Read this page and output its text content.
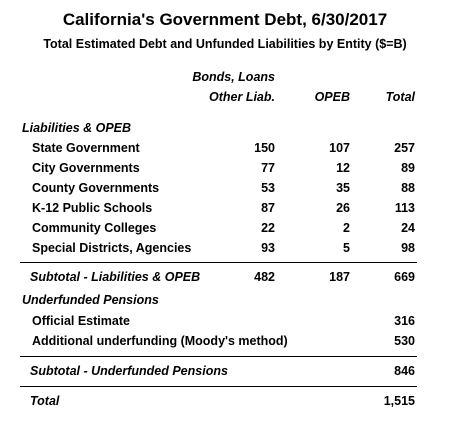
California's Government Debt, 6/30/2017
Total Estimated Debt and Unfunded Liabilities by Entity ($=B)
Bonds, Loans
Other Liab.	OPEB	Total
Liabilities & OPEB
State Government	150	107	257
City Governments	77	12	89
County Governments	53	35	88
K-12 Public Schools	87	26	113
Community Colleges	22	2	24
Special Districts, Agencies	93	5	98
Subtotal - Liabilities & OPEB	482	187	669
Underfunded Pensions
Official Estimate	316
Additional underfunding (Moody's method)	530
Subtotal - Underfunded Pensions	846
Total	1,515
